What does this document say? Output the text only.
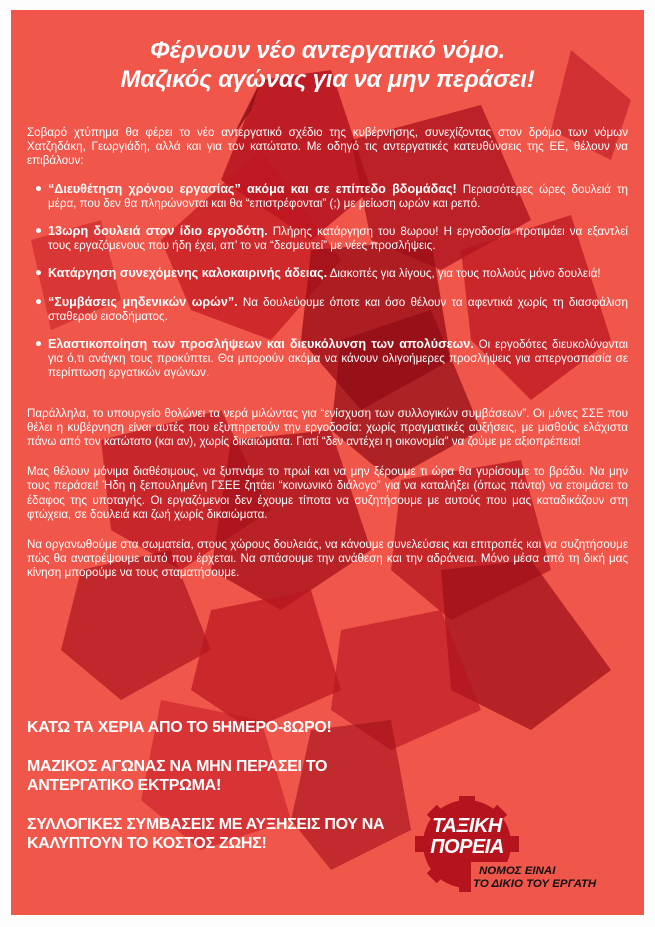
Φέρνουν νέο αντεργατικό νόμο.
Μαζικός αγώνας για να μην περάσει!

Σοβαρό χτύπημα θα φέρει το νέο αντεργατικό σχέδιο της κυβέρνησης, συνεχίζοντας στον δρόμο των νόμων Χατζηδάκη, Γεωργιάδη, αλλά και για τον κατώτατο. Με οδηγό τις αντεργατικές κατευθύνσεις της ΕΕ, θέλουν να επιβάλουν:

● “Διευθέτηση χρόνου εργασίας” ακόμα και σε επίπεδο βδομάδας! Περισσότερες ώρες δουλειά τη μέρα, που δεν θα πληρώνονται και θα “επιστρέφονται” (;) με μείωση ωρών και ρεπό.
● 13ωρη δουλειά στον ίδιο εργοδότη. Πλήρης κατάργηση του 8ωρου! Η εργοδοσία προτιμάει να εξαντλεί τους εργαζόμενους που ήδη έχει, απ’ το να “δεσμευτεί” με νέες προσλήψεις.
● Κατάργηση συνεχόμενης καλοκαιρινής άδειας. Διακοπές για λίγους, για τους πολλούς μόνο δουλειά!
● “Συμβάσεις μηδενικών ωρών”. Να δουλεύουμε όποτε και όσο θέλουν τα αφεντικά χωρίς τη διασφάλιση σταθερού εισοδήματος.
● Ελαστικοποίηση των προσλήψεων και διευκόλυνση των απολύσεων. Οι εργοδότες διευκολύνονται για ό,τι ανάγκη τους προκύπτει. Θα μπορούν ακόμα να κάνουν ολιγοήμερες προσλήψεις για απεργοσπασία σε περίπτωση εργατικών αγώνων.

Παράλληλα, το υπουργείο θολώνει τα νερά μιλώντας για “ενίσχυση των συλλογικών συμβάσεων”. Οι μόνες ΣΣΕ που θέλει η κυβέρνηση είναι αυτές που εξυπηρετούν την εργοδοσία: χωρίς πραγματικές αυξήσεις, με μισθούς ελάχιστα πάνω από τον κατώτατο (και αν), χωρίς δικαιώματα. Γιατί “δεν αντέχει η οικονομία” να ζούμε με αξιοπρέπεια!

Μας θέλουν μόνιμα διαθέσιμους, να ξυπνάμε το πρωί και να μην ξέρουμε τι ώρα θα γυρίσουμε το βράδυ. Να μην τους περάσει! Ήδη η ξεπουλημένη ΓΣΕΕ ζητάει “κοινωνικό διάλογο” για να καταλήξει (όπως πάντα) να ετοιμάσει το έδαφος της υποταγής. Οι εργαζόμενοι δεν έχουμε τίποτα να συζητήσουμε με αυτούς που μας καταδικάζουν στη φτώχεια, σε δουλειά και ζωή χωρίς δικαιώματα.

Να οργανωθούμε στα σωματεία, στους χώρους δουλειάς, να κάνουμε συνελεύσεις και επιτροπές και να συζητήσουμε πώς θα ανατρέψουμε αυτό που έρχεται. Να σπάσουμε την ανάθεση και την αδράνεια. Μόνο μέσα από τη δική μας κίνηση μπορούμε να τους σταματήσουμε.

ΚΑΤΩ ΤΑ ΧΕΡΙΑ ΑΠΟ ΤΟ 5ΗΜΕΡΟ-8ΩΡΟ!

ΜΑΖΙΚΟΣ ΑΓΩΝΑΣ ΝΑ ΜΗΝ ΠΕΡΑΣΕΙ ΤΟ ΑΝΤΕΡΓΑΤΙΚΟ ΕΚΤΡΩΜΑ!

ΣΥΛΛΟΓΙΚΕΣ ΣΥΜΒΑΣΕΙΣ ΜΕ ΑΥΞΗΣΕΙΣ ΠΟΥ ΝΑ ΚΑΛΥΠΤΟΥΝ ΤΟ ΚΟΣΤΟΣ ΖΩΗΣ!

ΤΑΞΙΚΗ
ΠΟΡΕΙΑ
ΝΟΜΟΣ ΕΙΝΑΙ
ΤΟ ΔΙΚΙΟ ΤΟΥ ΕΡΓΑΤΗ
